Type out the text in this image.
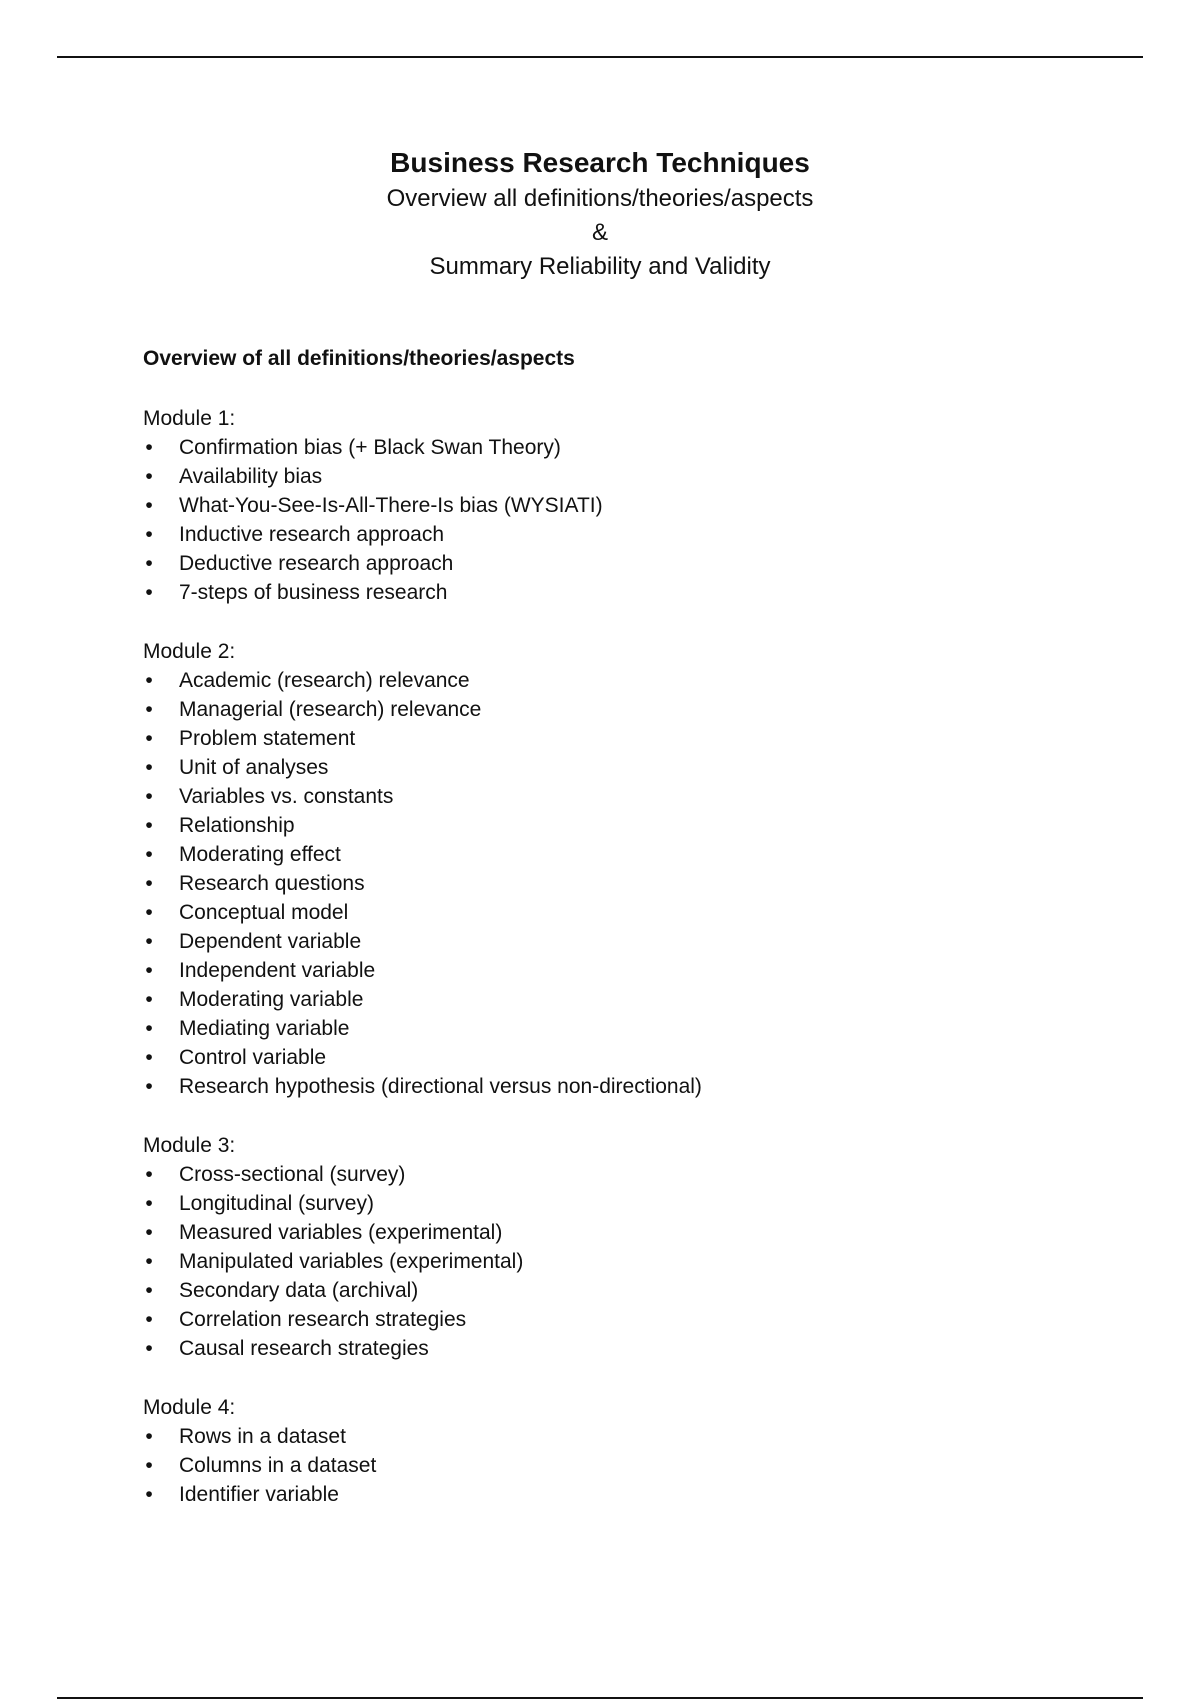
Business Research Techniques

Overview all definitions/theories/aspects

&

Summary Reliability and Validity

Overview of all definitions/theories/aspects

Module 1:

• Confirmation bias (+ Black Swan Theory)
• Availability bias
• What-You-See-Is-All-There-Is bias (WYSIATI)
• Inductive research approach
• Deductive research approach
• 7-steps of business research

Module 2:

• Academic (research) relevance
• Managerial (research) relevance
• Problem statement
• Unit of analyses
• Variables vs. constants
• Relationship
• Moderating effect
• Research questions
• Conceptual model
• Dependent variable
• Independent variable
• Moderating variable
• Mediating variable
• Control variable
• Research hypothesis (directional versus non-directional)

Module 3:

• Cross-sectional (survey)
• Longitudinal (survey)
• Measured variables (experimental)
• Manipulated variables (experimental)
• Secondary data (archival)
• Correlation research strategies
• Causal research strategies

Module 4:

• Rows in a dataset
• Columns in a dataset
• Identifier variable
